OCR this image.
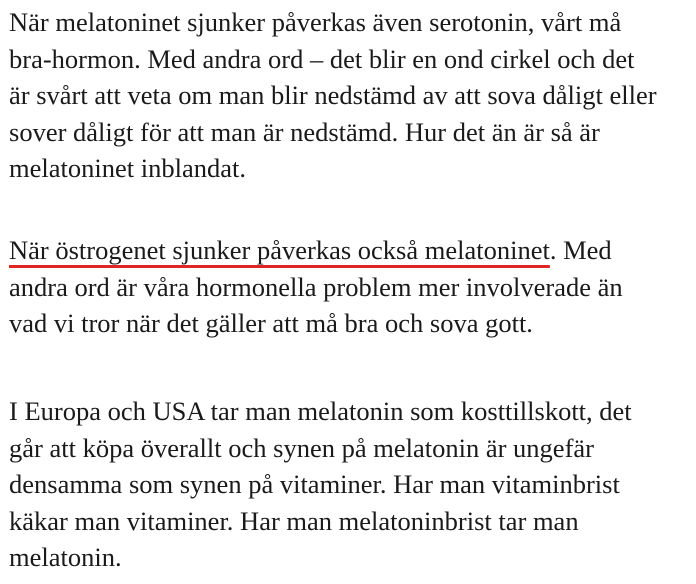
När melatoninet sjunker påverkas även serotonin, vårt må
bra-hormon. Med andra ord – det blir en ond cirkel och det
är svårt att veta om man blir nedstämd av att sova dåligt eller
sover dåligt för att man är nedstämd. Hur det än är så är
melatoninet inblandat.

När östrogenet sjunker påverkas också melatoninet. Med
andra ord är våra hormonella problem mer involverade än
vad vi tror när det gäller att må bra och sova gott.

I Europa och USA tar man melatonin som kosttillskott, det
går att köpa överallt och synen på melatonin är ungefär
densamma som synen på vitaminer. Har man vitaminbrist
käkar man vitaminer. Har man melatoninbrist tar man
melatonin.
